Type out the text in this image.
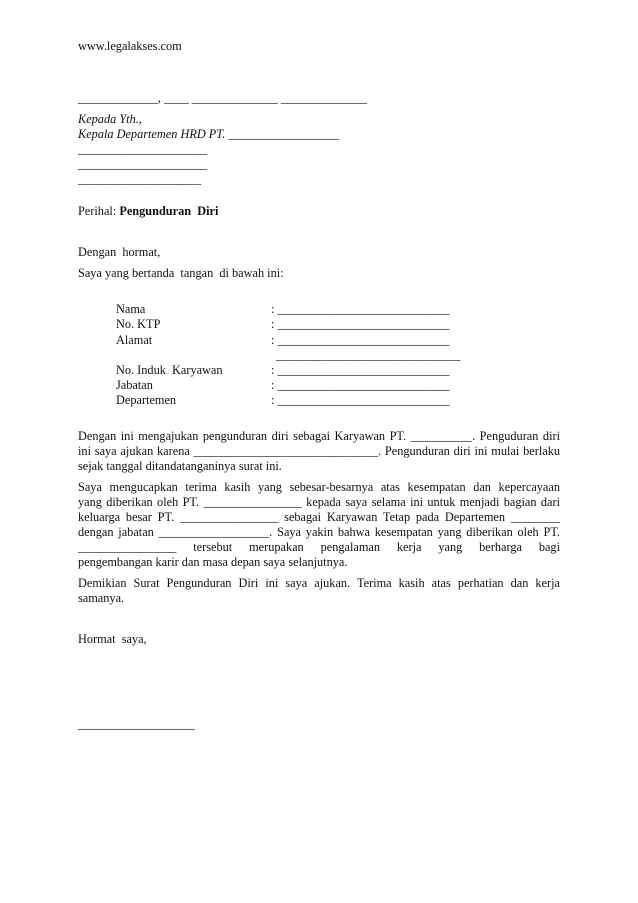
www.legalakses.com

_____________, ____ ______________ ______________

Kepada Yth.,

Kepala Departemen HRD PT. __________________

_____________________

_____________________

____________________

Perihal: Pengunduran  Diri

Dengan  hormat,

Saya yang bertanda  tangan  di bawah ini:

Nama	: ____________________________
No. KTP	: ____________________________
Alamat	: ____________________________
______________________________
No. Induk  Karyawan	: ____________________________
Jabatan	: ____________________________
Departemen	: ____________________________

Dengan ini mengajukan pengunduran diri sebagai Karyawan PT. __________. Penguduran diri

ini saya ajukan karena ______________________________. Pengunduran diri ini mulai berlaku

sejak tanggal ditandatanganinya surat ini.

Saya mengucapkan terima kasih yang sebesar-besarnya atas kesempatan dan kepercayaan

yang diberikan oleh PT. ________________ kepada saya selama ini untuk menjadi bagian dari

keluarga besar PT. ________________ sebagai Karyawan Tetap pada Departemen ________

dengan jabatan __________________. Saya yakin bahwa kesempatan yang diberikan oleh PT.

________________ tersebut merupakan pengalaman kerja yang berharga bagi

pengembangan karir dan masa depan saya selanjutnya.

Demikian Surat Pengunduran Diri ini saya ajukan. Terima kasih atas perhatian dan kerja

samanya.

Hormat  saya,

___________________
